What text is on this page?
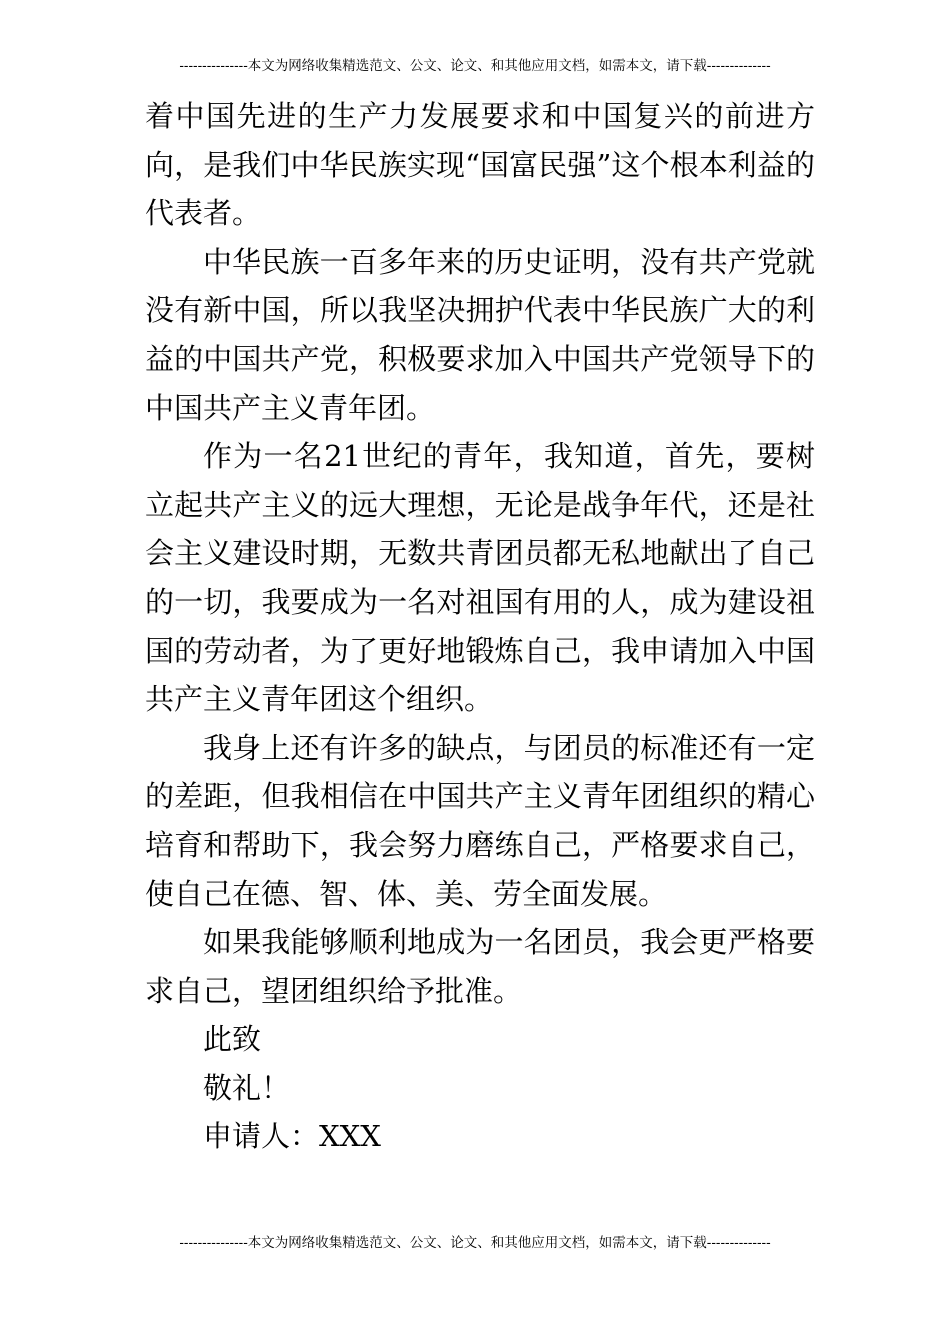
---------------本文为网络收集精选范文、公文、论文、和其他应用文档，如需本文，请下载--------------

着中国先进的生产力发展要求和中国复兴的前进方向，是我们中华民族实现“国富民强”这个根本利益的代表者。

中华民族一百多年来的历史证明，没有共产党就没有新中国，所以我坚决拥护代表中华民族广大的利益的中国共产党，积极要求加入中国共产党领导下的中国共产主义青年团。

作为一名21世纪的青年，我知道，首先，要树立起共产主义的远大理想，无论是战争年代，还是社会主义建设时期，无数共青团员都无私地献出了自己的一切，我要成为一名对祖国有用的人，成为建设祖国的劳动者，为了更好地锻炼自己，我申请加入中国共产主义青年团这个组织。

我身上还有许多的缺点，与团员的标准还有一定的差距，但我相信在中国共产主义青年团组织的精心培育和帮助下，我会努力磨练自己，严格要求自己，使自己在德、智、体、美、劳全面发展。

如果我能够顺利地成为一名团员，我会更严格要求自己，望团组织给予批准。

此致

敬礼！

申请人：XXX

---------------本文为网络收集精选范文、公文、论文、和其他应用文档，如需本文，请下载--------------
